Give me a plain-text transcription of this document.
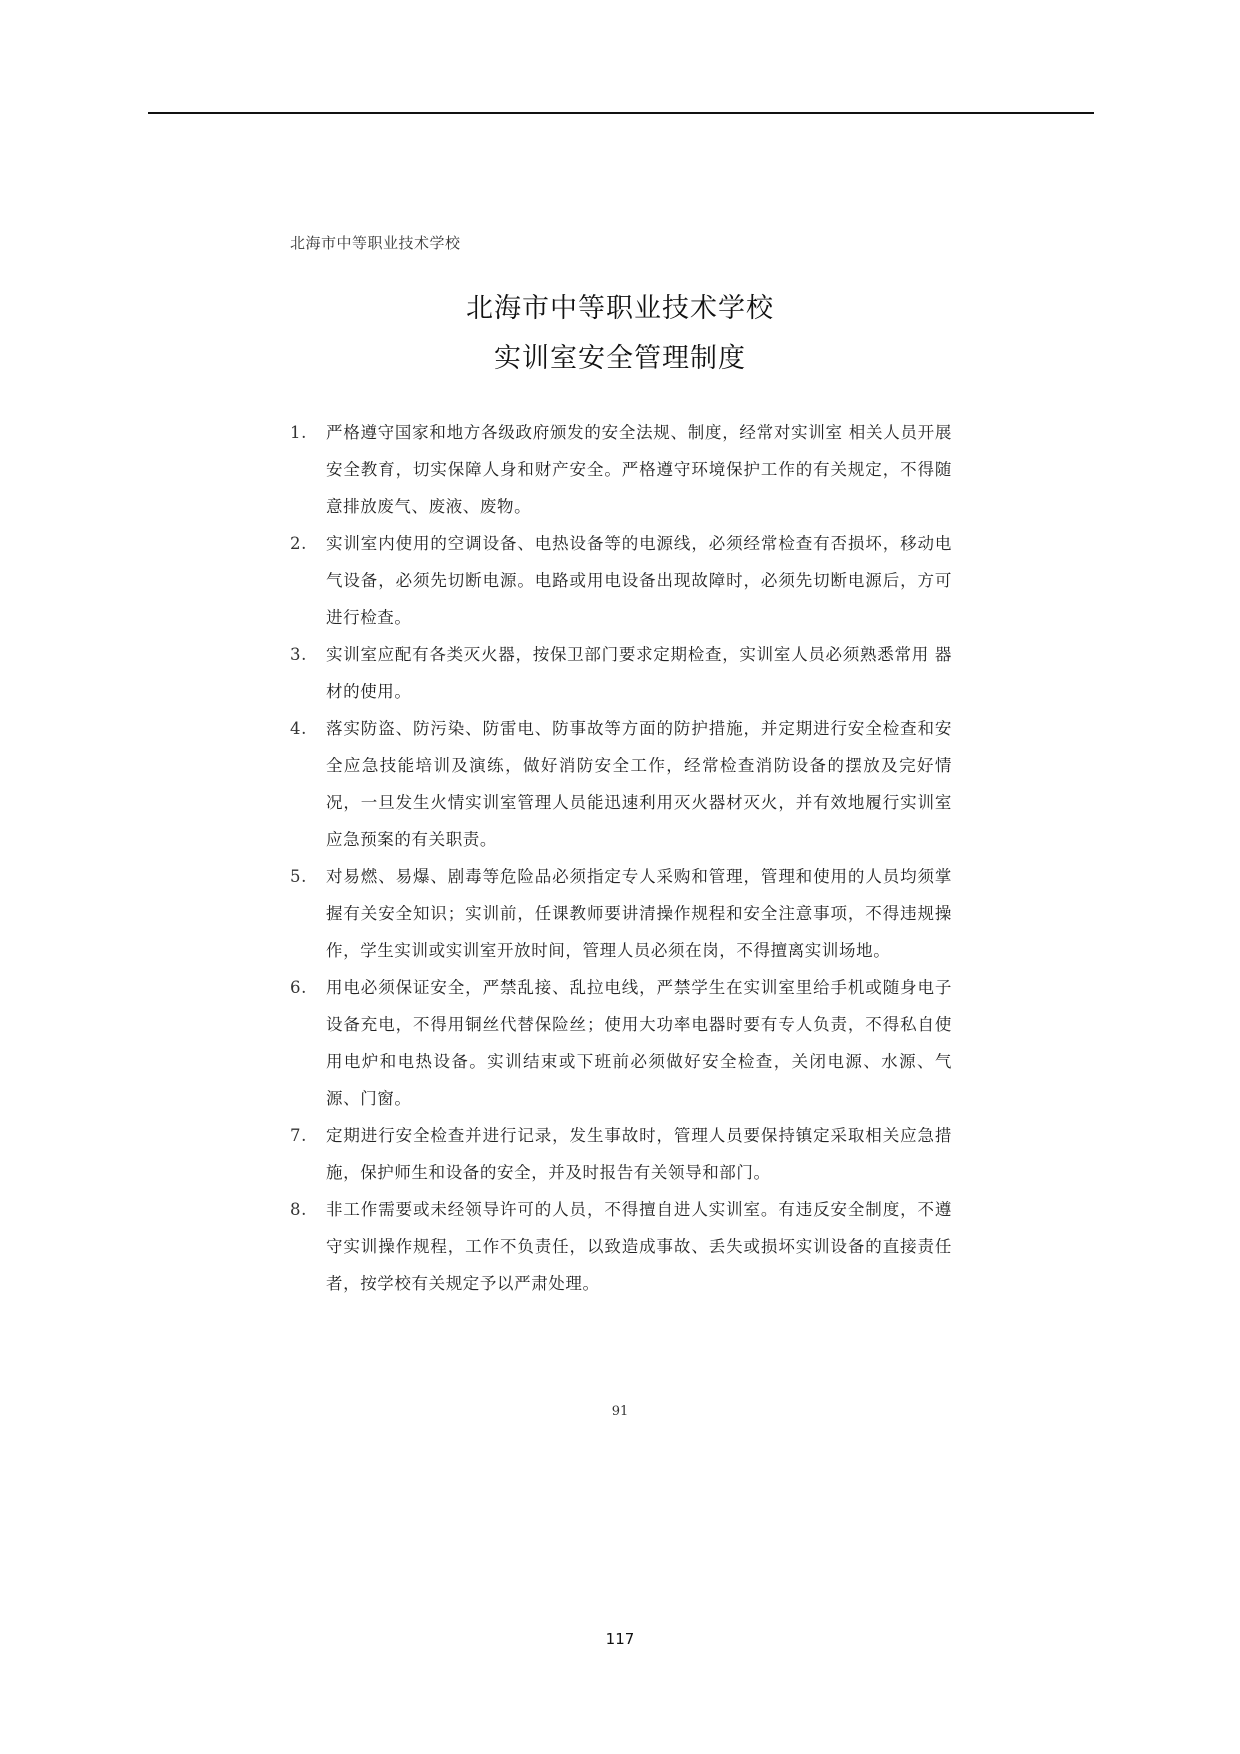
北海市中等职业技术学校
北海市中等职业技术学校
实训室安全管理制度
1. 严格遵守国家和地方各级政府颁发的安全法规、制度，经常对实训室 相关人员开展安全教育，切实保障人身和财产安全。严格遵守环境保护工作的有关规定，不得随意排放废气、废液、废物。
2. 实训室内使用的空调设备、电热设备等的电源线，必须经常检查有否损坏，移动电气设备，必须先切断电源。电路或用电设备出现故障时，必须先切断电源后，方可进行检查。
3. 实训室应配有各类灭火器，按保卫部门要求定期检查，实训室人员必须熟悉常用 器材的使用。
4. 落实防盗、防污染、防雷电、防事故等方面的防护措施，并定期进行安全检查和安全应急技能培训及演练，做好消防安全工作，经常检查消防设备的摆放及完好情况，一旦发生火情实训室管理人员能迅速利用灭火器材灭火，并有效地履行实训室应急预案的有关职责。
5. 对易燃、易爆、剧毒等危险品必须指定专人采购和管理，管理和使用的人员均须掌握有关安全知识；实训前，任课教师要讲清操作规程和安全注意事项，不得违规操作，学生实训或实训室开放时间，管理人员必须在岗，不得擅离实训场地。
6. 用电必须保证安全，严禁乱接、乱拉电线，严禁学生在实训室里给手机或随身电子设备充电，不得用铜丝代替保险丝；使用大功率电器时要有专人负责，不得私自使用电炉和电热设备。实训结束或下班前必须做好安全检查，关闭电源、水源、气源、门窗。
7. 定期进行安全检查并进行记录，发生事故时，管理人员要保持镇定采取相关应急措施，保护师生和设备的安全，并及时报告有关领导和部门。
8. 非工作需要或未经领导许可的人员，不得擅自进人实训室。有违反安全制度，不遵守实训操作规程，工作不负责任，以致造成事故、丢失或损坏实训设备的直接责任者，按学校有关规定予以严肃处理。
91
117
